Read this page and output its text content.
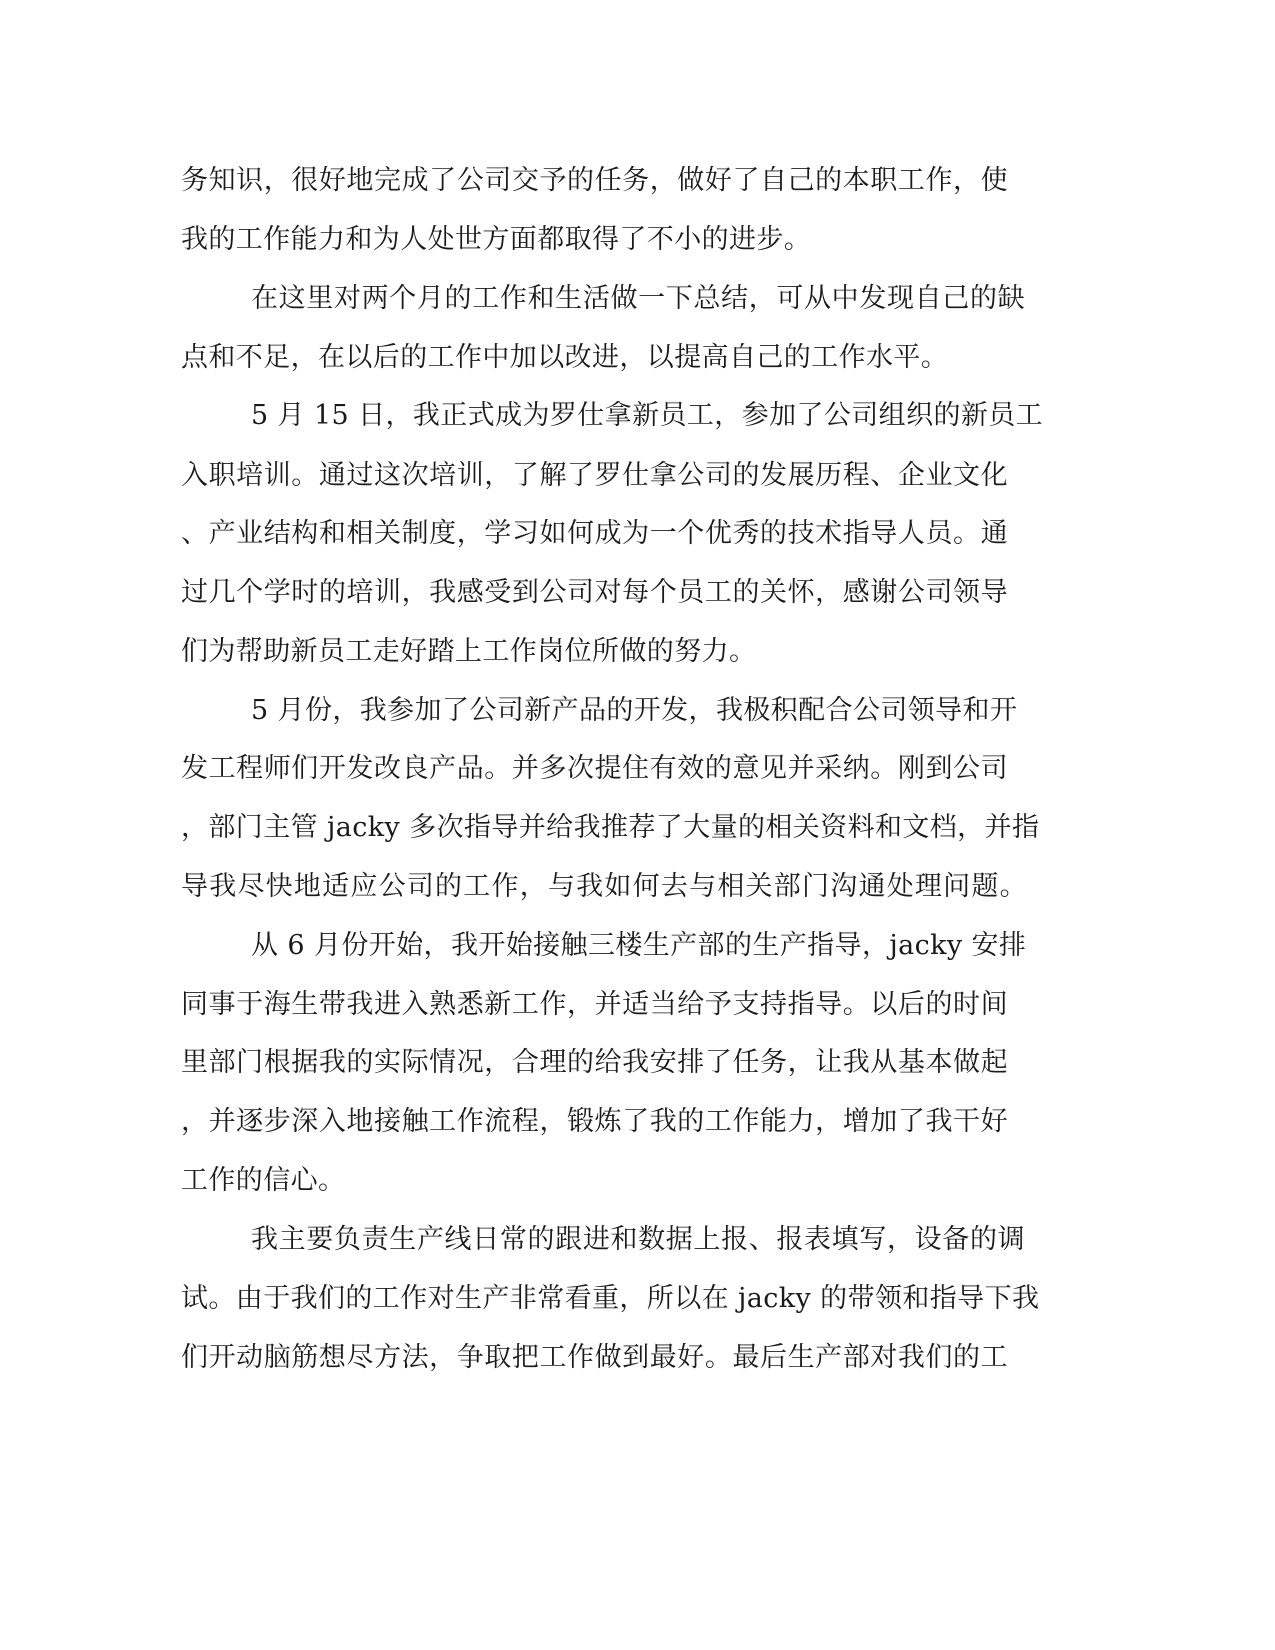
务知识，很好地完成了公司交予的任务，做好了自己的本职工作，使
我的工作能力和为人处世方面都取得了不小的进步。
在这里对两个月的工作和生活做一下总结，可从中发现自己的缺
点和不足，在以后的工作中加以改进，以提高自己的工作水平。
5 月 15 日，我正式成为罗仕拿新员工，参加了公司组织的新员工
入职培训。通过这次培训，了解了罗仕拿公司的发展历程、企业文化
、产业结构和相关制度，学习如何成为一个优秀的技术指导人员。通
过几个学时的培训，我感受到公司对每个员工的关怀，感谢公司领导
们为帮助新员工走好踏上工作岗位所做的努力。
5 月份，我参加了公司新产品的开发，我极积配合公司领导和开
发工程师们开发改良产品。并多次提住有效的意见并采纳。刚到公司
，部门主管 jacky 多次指导并给我推荐了大量的相关资料和文档，并指
导我尽快地适应公司的工作，与我如何去与相关部门沟通处理问题。
从 6 月份开始，我开始接触三楼生产部的生产指导，jacky 安排
同事于海生带我进入熟悉新工作，并适当给予支持指导。以后的时间
里部门根据我的实际情况，合理的给我安排了任务，让我从基本做起
，并逐步深入地接触工作流程，锻炼了我的工作能力，增加了我干好
工作的信心。
我主要负责生产线日常的跟进和数据上报、报表填写，设备的调
试。由于我们的工作对生产非常看重，所以在 jacky 的带领和指导下我
们开动脑筋想尽方法，争取把工作做到最好。最后生产部对我们的工
